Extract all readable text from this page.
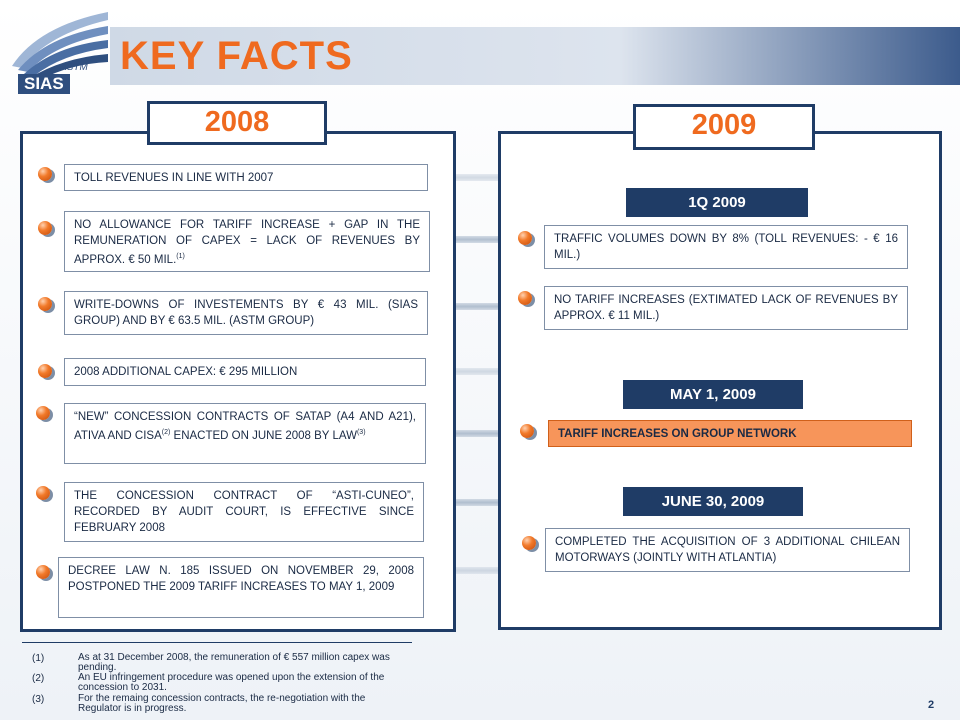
KEY FACTS
ASTM
SIAS
2008
TOLL REVENUES IN LINE WITH 2007
NO ALLOWANCE FOR TARIFF INCREASE + GAP IN THE REMUNERATION OF CAPEX = LACK OF REVENUES BY APPROX. € 50 MIL.$^{(1)}$
WRITE-DOWNS OF INVESTEMENTS BY € 43 MIL. (SIAS GROUP) AND BY € 63.5 MIL. (ASTM GROUP)
2008 ADDITIONAL CAPEX: € 295 MILLION
“NEW” CONCESSION CONTRACTS OF SATAP (A4 AND A21), ATIVA AND CISA$^{(2)}$ ENACTED ON JUNE 2008 BY LAW$^{(3)}$
THE CONCESSION CONTRACT OF “ASTI-CUNEO”, RECORDED BY AUDIT COURT, IS EFFECTIVE SINCE FEBRUARY 2008
DECREE LAW N. 185 ISSUED ON NOVEMBER 29, 2008 POSTPONED THE 2009 TARIFF INCREASES TO MAY 1, 2009
2009
1Q 2009
TRAFFIC VOLUMES DOWN BY 8% (TOLL REVENUES: - € 16 MIL.)
NO TARIFF INCREASES (EXTIMATED LACK OF REVENUES BY APPROX. € 11 MIL.)
MAY 1, 2009
TARIFF INCREASES ON GROUP NETWORK
JUNE 30, 2009
COMPLETED THE ACQUISITION OF 3 ADDITIONAL CHILEAN MOTORWAYS (JOINTLY WITH ATLANTIA)
(1)	As at 31 December 2008, the remuneration of € 557 million capex was pending.
(2)	An EU infringement procedure was opened upon the extension of the concession to 2031.
(3)	For the remaing concession contracts, the re-negotiation with the Regulator is in progress.	2
